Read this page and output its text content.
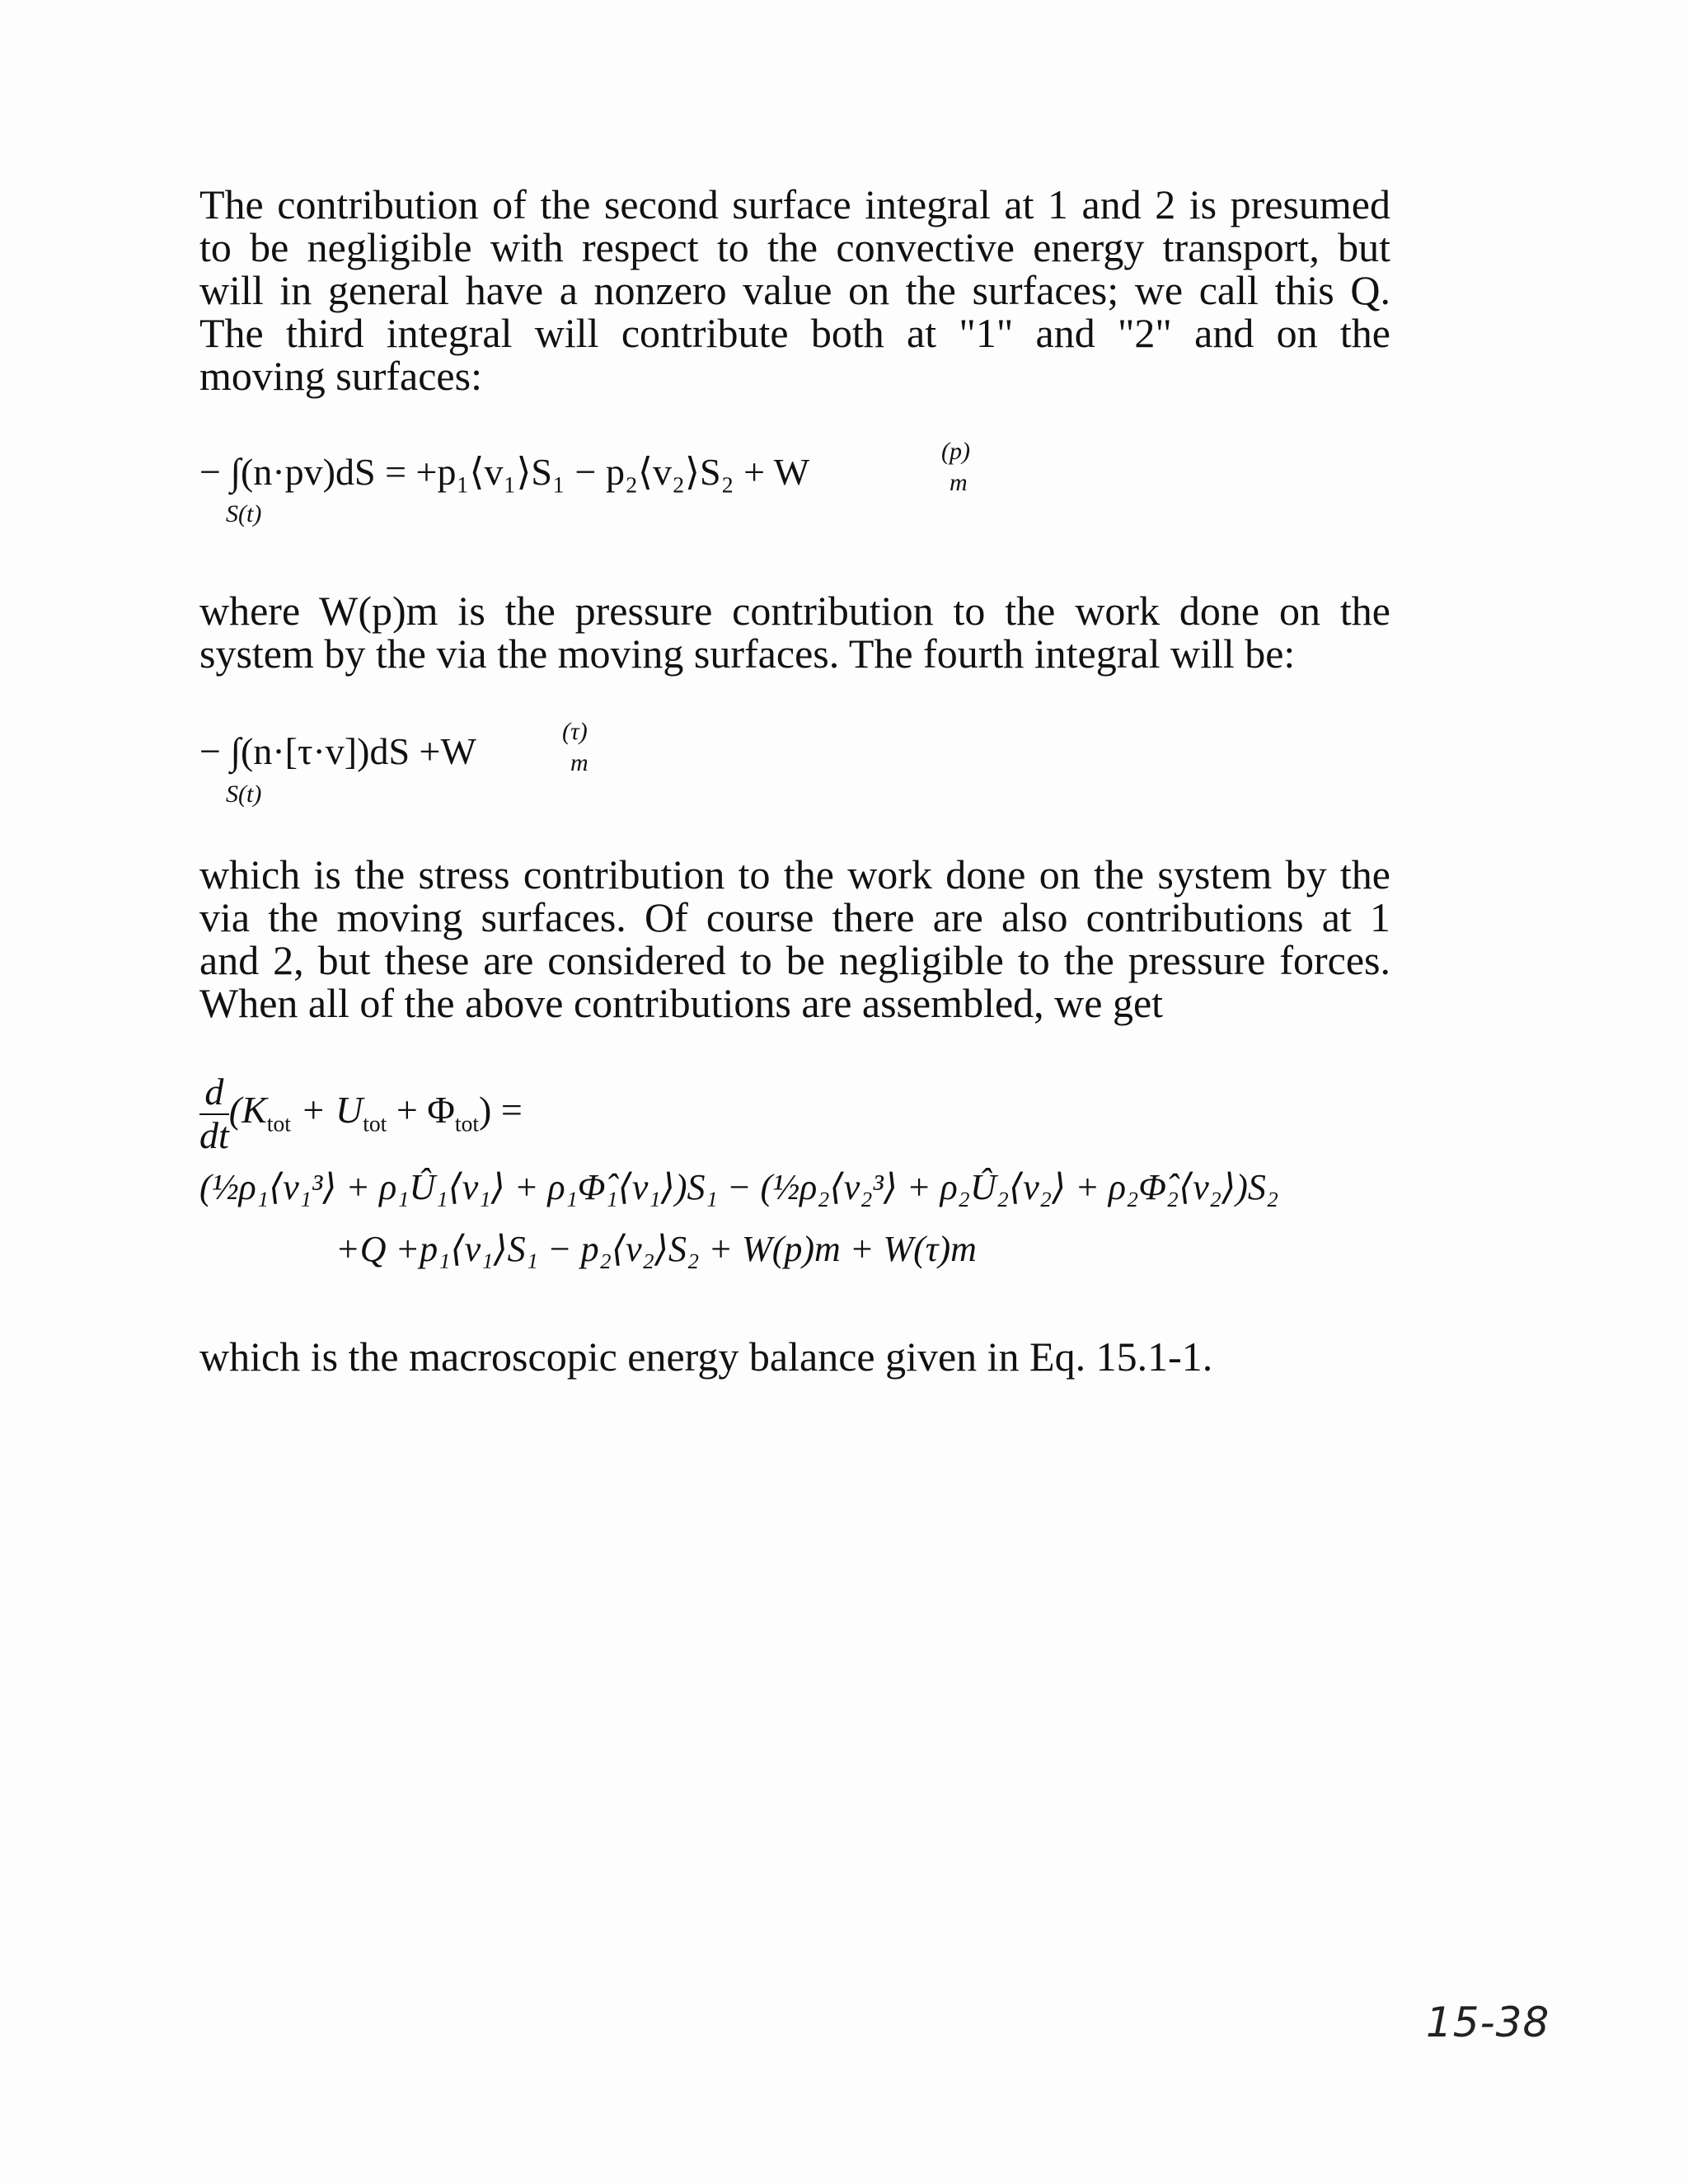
The contribution of the second surface integral at 1 and 2 is presumed
to be negligible with respect to the convective energy transport, but
will in general have a nonzero value on the surfaces; we call this Q.
The third integral will contribute both at "1" and "2" and on the
moving surfaces:
− ∫(n·pv)dS = +p₁⟨v₁⟩S₁ − p₂⟨v₂⟩S₂ + W	(p)
m
S(t)
where W(p)m is the pressure contribution to the work done on the
system by the via the moving surfaces. The fourth integral will be:
− ∫(n·[τ·v])dS +W	(τ)
m
S(t)
which is the stress contribution to the work done on the system by the
via the moving surfaces. Of course there are also contributions at 1
and 2, but these are considered to be negligible to the pressure forces.
When all of the above contributions are assembled, we get
$\frac{d}{dt} (K_{tot} + U_{tot} + \Phi_{tot})$ =
(½ρ₁⟨v₁³⟩ + ρ₁Û₁⟨v₁⟩ + ρ₁Φ̂₁⟨v₁⟩)S₁ − (½ρ₂⟨v₂³⟩ + ρ₂Û₂⟨v₂⟩ + ρ₂Φ̂₂⟨v₂⟩)S₂
+Q +p₁⟨v₁⟩S₁ − p₂⟨v₂⟩S₂ + W(p)m + W(τ)m
which is the macroscopic energy balance given in Eq. 15.1-1.
15-38
